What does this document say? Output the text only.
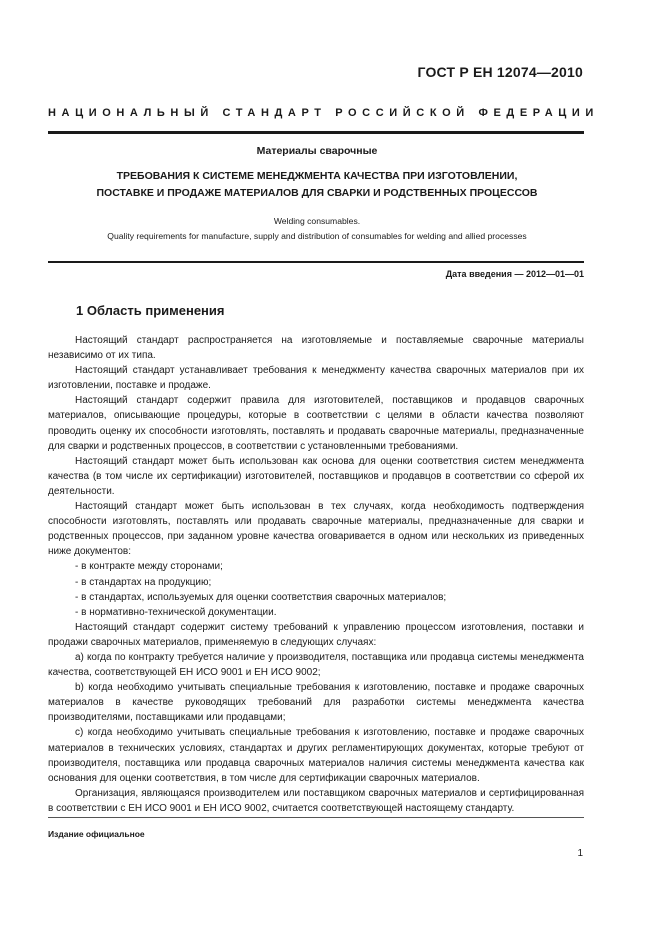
ГОСТ Р ЕН 12074—2010
НАЦИОНАЛЬНЫЙ СТАНДАРТ РОССИЙСКОЙ ФЕДЕРАЦИИ
Материалы сварочные
ТРЕБОВАНИЯ К СИСТЕМЕ МЕНЕДЖМЕНТА КАЧЕСТВА ПРИ ИЗГОТОВЛЕНИИ,
ПОСТАВКЕ И ПРОДАЖЕ МАТЕРИАЛОВ ДЛЯ СВАРКИ И РОДСТВЕННЫХ ПРОЦЕССОВ
Welding consumables.
Quality requirements for manufacture, supply and distribution of consumables for welding and allied processes
Дата введения — 2012—01—01
1 Область применения

Настоящий стандарт распространяется на изготовляемые и поставляемые сварочные материалы независимо от их типа.

Настоящий стандарт устанавливает требования к менеджменту качества сварочных материалов при их изготовлении, поставке и продаже.

Настоящий стандарт содержит правила для изготовителей, поставщиков и продавцов сварочных материалов, описывающие процедуры, которые в соответствии с целями в области качества позволяют проводить оценку их способности изготовлять, поставлять и продавать сварочные материалы, предназначенные для сварки и родственных процессов, в соответствии с установленными требованиями.

Настоящий стандарт может быть использован как основа для оценки соответствия систем менеджмента качества (в том числе их сертификации) изготовителей, поставщиков и продавцов в соответствии со сферой их деятельности.

Настоящий стандарт может быть использован в тех случаях, когда необходимость подтверждения способности изготовлять, поставлять или продавать сварочные материалы, предназначенные для сварки и родственных процессов, при заданном уровне качества оговаривается в одном или нескольких из приведенных ниже документов:

- в контракте между сторонами;

- в стандартах на продукцию;

- в стандартах, используемых для оценки соответствия сварочных материалов;

- в нормативно-технической документации.

Настоящий стандарт содержит систему требований к управлению процессом изготовления, поставки и продажи сварочных материалов, применяемую в следующих случаях:

a) когда по контракту требуется наличие у производителя, поставщика или продавца системы менеджмента качества, соответствующей ЕН ИСО 9001 и ЕН ИСО 9002;

b) когда необходимо учитывать специальные требования к изготовлению, поставке и продаже сварочных материалов в качестве руководящих требований для разработки системы менеджмента качества производителями, поставщиками или продавцами;

c) когда необходимо учитывать специальные требования к изготовлению, поставке и продаже сварочных материалов в технических условиях, стандартах и других регламентирующих документах, которые требуют от производителя, поставщика или продавца сварочных материалов наличия системы менеджмента качества как основания для оценки соответствия, в том числе для сертификации сварочных материалов.

Организация, являющаяся производителем или поставщиком сварочных материалов и сертифицированная в соответствии с ЕН ИСО 9001 и ЕН ИСО 9002, считается соответствующей настоящему стандарту.

Издание официальное
1
